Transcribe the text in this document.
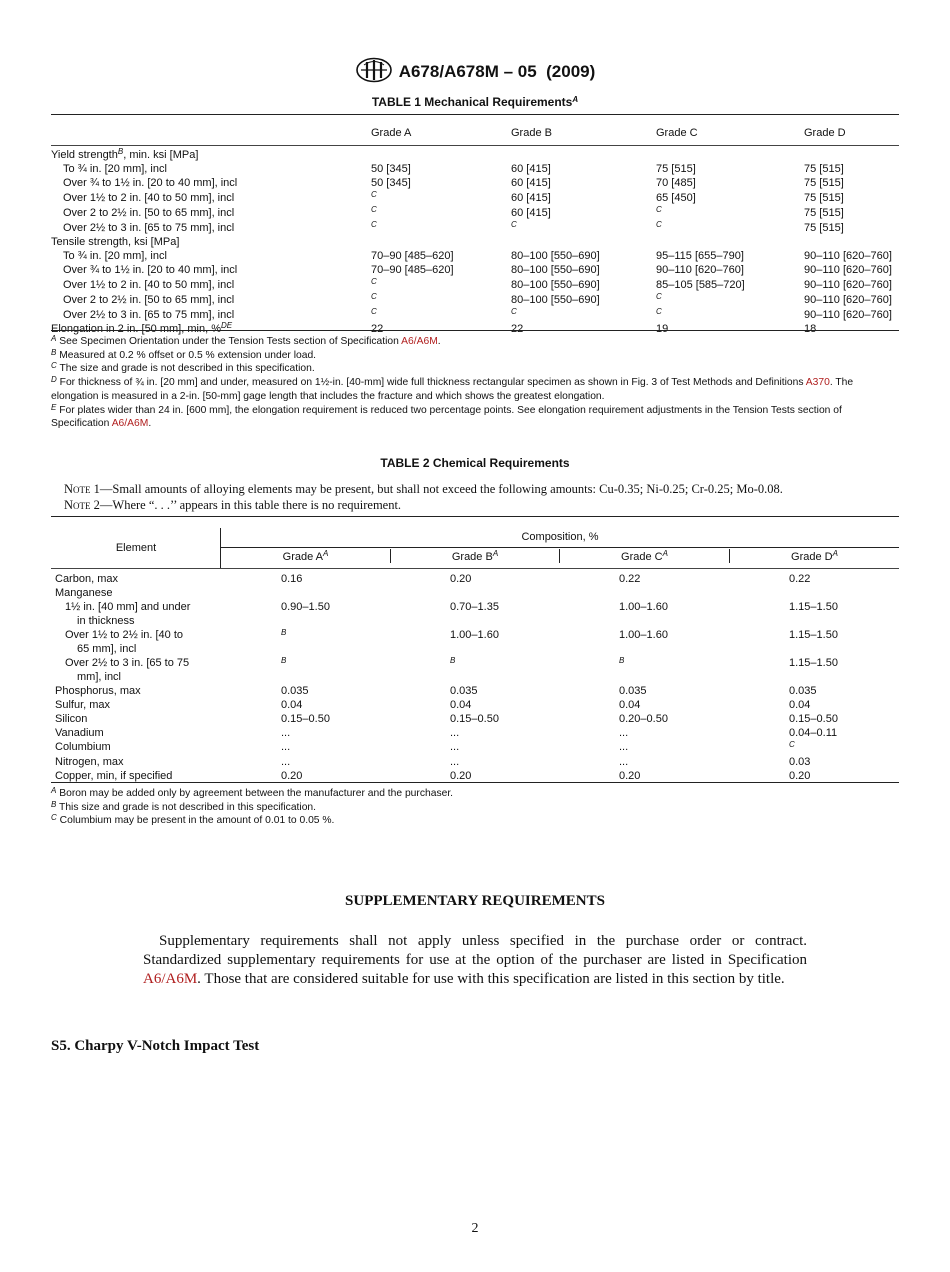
A678/A678M – 05 (2009)
TABLE 1 Mechanical Requirements$^A$
	Grade A	Grade B	Grade C	Grade D
Yield strength$^B$, min. ksi [MPa]				
To ¾ in. [20 mm], incl	50 [345]	60 [415]	75 [515]	75 [515]
Over ¾ to 1½ in. [20 to 40 mm], incl	50 [345]	60 [415]	70 [485]	75 [515]
Over 1½ to 2 in. [40 to 50 mm], incl	$^C$	60 [415]	65 [450]	75 [515]
Over 2 to 2½ in. [50 to 65 mm], incl	$^C$	60 [415]	$^C$	75 [515]
Over 2½ to 3 in. [65 to 75 mm], incl	$^C$	$^C$	$^C$	75 [515]
Tensile strength, ksi [MPa]				
To ¾ in. [20 mm], incl	70–90 [485–620]	80–100 [550–690]	95–115 [655–790]	90–110 [620–760]
Over ¾ to 1½ in. [20 to 40 mm], incl	70–90 [485–620]	80–100 [550–690]	90–110 [620–760]	90–110 [620–760]
Over 1½ to 2 in. [40 to 50 mm], incl	$^C$	80–100 [550–690]	85–105 [585–720]	90–110 [620–760]
Over 2 to 2½ in. [50 to 65 mm], incl	$^C$	80–100 [550–690]	$^C$	90–110 [620–760]
Over 2½ to 3 in. [65 to 75 mm], incl	$^C$	$^C$	$^C$	90–110 [620–760]
Elongation in 2 in. [50 mm], min, %$^{DE}$	22	22	19	18
$^A$ See Specimen Orientation under the Tension Tests section of Specification A6/A6M.
$^B$ Measured at 0.2 % offset or 0.5 % extension under load.
$^C$ The size and grade is not described in this specification.
$^D$ For thickness of ¾ in. [20 mm] and under, measured on 1½-in. [40-mm] wide full thickness rectangular specimen as shown in Fig. 3 of Test Methods and Definitions A370. The elongation is measured in a 2-in. [50-mm] gage length that includes the fracture and which shows the greatest elongation.
$^E$ For plates wider than 24 in. [600 mm], the elongation requirement is reduced two percentage points. See elongation requirement adjustments in the Tension Tests section of Specification A6/A6M.
TABLE 2 Chemical Requirements
Note 1—Small amounts of alloying elements may be present, but shall not exceed the following amounts: Cu-0.35; Ni-0.25; Cr-0.25; Mo-0.08.
Note 2—Where “. . .’’ appears in this table there is no requirement.
Element
Composition, %
Grade $A^A$	Grade $B^A$	Grade $C^A$	Grade $D^A$
Carbon, max	0.16	0.20	0.22	0.22

Manganese				

1½ in. [40 mm] and under
in thickness	0.90–1.50	0.70–1.35	1.00–1.60	1.15–1.50

Over 1½ to 2½ in. [40 to
65 mm], incl	$^B$	1.00–1.60	1.00–1.60	1.15–1.50

Over 2½ to 3 in. [65 to 75
mm], incl	$^B$	$^B$	$^B$	1.15–1.50

Phosphorus, max	0.035	0.035	0.035	0.035

Sulfur, max	0.04	0.04	0.04	0.04

Silicon	0.15–0.50	0.15–0.50	0.20–0.50	0.15–0.50

Vanadium	...	...	...	0.04–0.11

Columbium	...	...	...	$^C$

Nitrogen, max	...	...	...	0.03

Copper, min, if specified	0.20	0.20	0.20	0.20
$^A$ Boron may be added only by agreement between the manufacturer and the purchaser.
$^B$ This size and grade is not described in this specification.
$^C$ Columbium may be present in the amount of 0.01 to 0.05 %.
SUPPLEMENTARY REQUIREMENTS
Supplementary requirements shall not apply unless specified in the purchase order or contract. Standardized supplementary requirements for use at the option of the purchaser are listed in Specification A6/A6M. Those that are considered suitable for use with this specification are listed in this section by title.
S5. Charpy V-Notch Impact Test
2
